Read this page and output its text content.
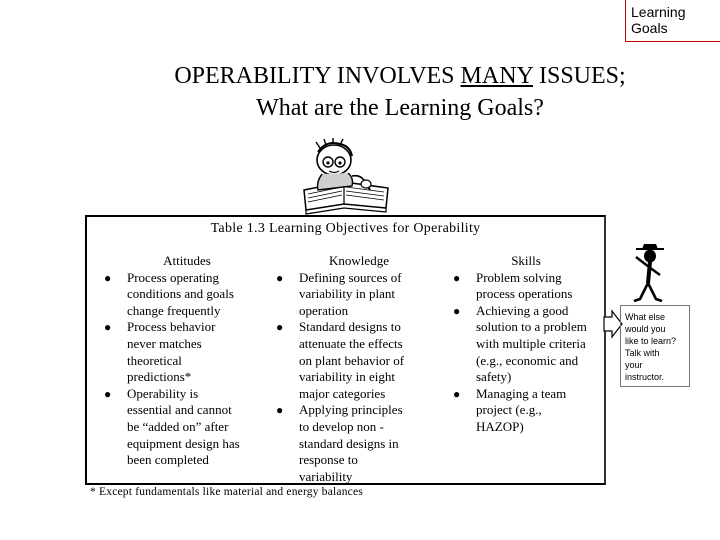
Learning
Goals
OPERABILITY INVOLVES MANY ISSUES;
What are the Learning Goals?
Table 1.3 Learning Objectives for Operability
Attitudes
● Process operating
conditions and goals
change frequently
● Process behavior
never matches
theoretical
predictions*
● Operability is
essential and cannot
be “added on” after
equipment design has
been completed
Knowledge
● Defining sources of
variability in plant
operation
● Standard designs to
attenuate the effects
on plant behavior of
variability in eight
major categories
● Applying principles
to develop non -
standard designs in
response to
variability
Skills
● Problem solving
process operations
● Achieving a good
solution to a problem
with multiple criteria
(e.g., economic and
safety)
● Managing a team
project (e.g.,
HAZOP)
* Except fundamentals like material and energy balances
What else
would you
like to learn?
Talk with
your
instructor.
